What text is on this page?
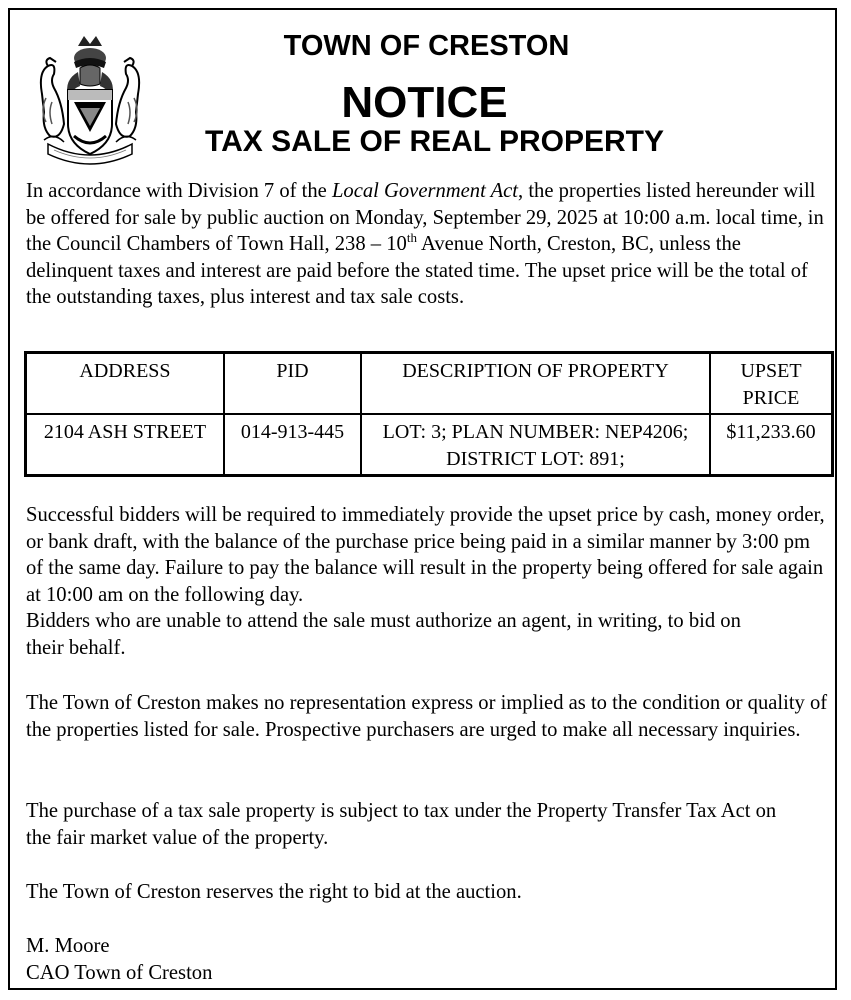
TOWN OF CRESTON
NOTICE
TAX SALE OF REAL PROPERTY

In accordance with Division 7 of the Local Government Act, the properties listed hereunder will be offered for sale by public auction on Monday, September 29, 2025 at 10:00 a.m. local time, in the Council Chambers of Town Hall, 238 – 10th Avenue North, Creston, BC, unless the delinquent taxes and interest are paid before the stated time. The upset price will be the total of the outstanding taxes, plus interest and tax sale costs.

ADDRESS	PID	DESCRIPTION OF PROPERTY	UPSET PRICE
2104 ASH STREET	014-913-445	LOT: 3; PLAN NUMBER: NEP4206; DISTRICT LOT: 891;	$11,233.60

Successful bidders will be required to immediately provide the upset price by cash, money order, or bank draft, with the balance of the purchase price being paid in a similar manner by 3:00 pm of the same day. Failure to pay the balance will result in the property being offered for sale again at 10:00 am on the following day.

Bidders who are unable to attend the sale must authorize an agent, in writing, to bid on their behalf.

The Town of Creston makes no representation express or implied as to the condition or quality of the properties listed for sale. Prospective purchasers are urged to make all necessary inquiries.

The purchase of a tax sale property is subject to tax under the Property Transfer Tax Act on the fair market value of the property.

The Town of Creston reserves the right to bid at the auction.

M. Moore
CAO Town of Creston
